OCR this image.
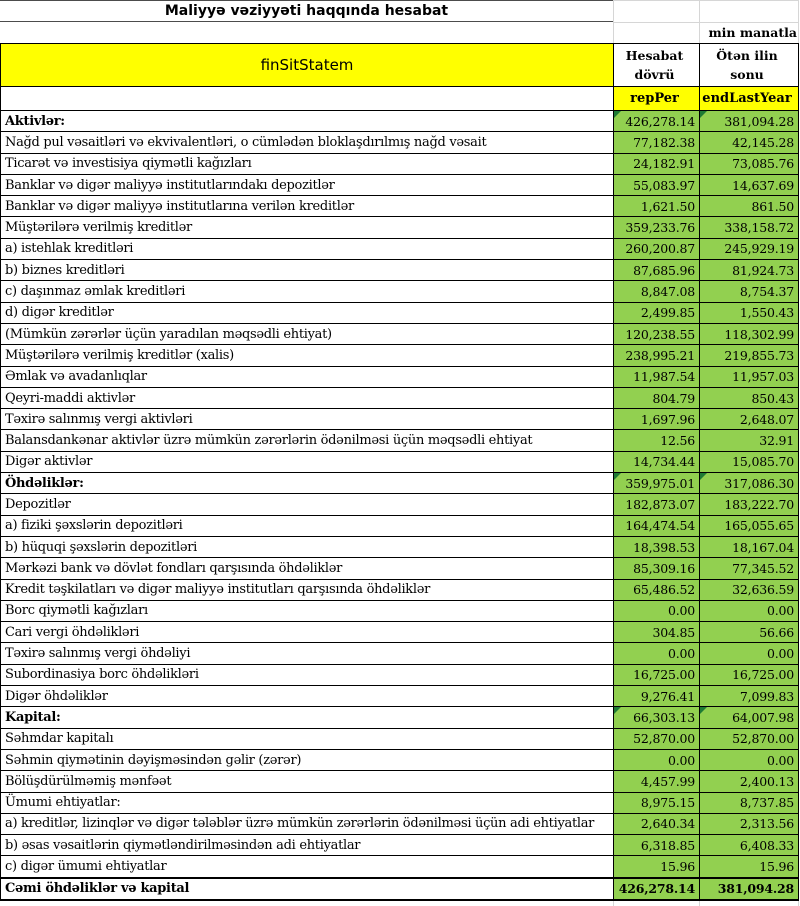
Maliyyə vəziyyəti haqqında hesabat
min manatla
finSitStatem
Hesabat dövrü
Ötən ilin sonu
repPer endLastYear
Aktivlər:	426,278.14 381,094.28
Nağd pul vəsaitləri və ekvivalentləri, o cümlədən bloklaşdırılmış nağd vəsait	77,182.38	42,145.28
Ticarət və investisiya qiymətli kağızları	24,182.91	73,085.76
Banklar və digər maliyyə institutlarındakı depozitlər	55,083.97	14,637.69
Banklar və digər maliyyə institutlarına verilən kreditlər	1,621.50	861.50
Müştərilərə verilmiş kreditlər	359,233.76 338,158.72
a) istehlak kreditləri	260,200.87 245,929.19
b) biznes kreditləri	87,685.96	81,924.73
c) daşınmaz əmlak kreditləri	8,847.08	8,754.37
d) digər kreditlər	2,499.85	1,550.43
(Mümkün zərərlər üçün yaradılan məqsədli ehtiyat)	120,238.55 118,302.99
Müştərilərə verilmiş kreditlər (xalis)	238,995.21 219,855.73
Əmlak və avadanlıqlar	11,987.54	11,957.03
Qeyri-maddi aktivlər	804.79	850.43
Təxirə salınmış vergi aktivləri	1,697.96	2,648.07
Balansdankənar aktivlər üzrə mümkün zərərlərin ödənilməsi üçün məqsədli ehtiyat	12.56	32.91
Digər aktivlər	14,734.44	15,085.70
Öhdəliklər:	359,975.01 317,086.30
Depozitlər	182,873.07 183,222.70
a) fiziki şəxslərin depozitləri	164,474.54 165,055.65
b) hüquqi şəxslərin depozitləri	18,398.53	18,167.04
Mərkəzi bank və dövlət fondları qarşısında öhdəliklər	85,309.16	77,345.52
Kredit təşkilatları və digər maliyyə institutları qarşısında öhdəliklər	65,486.52	32,636.59
Borc qiymətli kağızları	0.00	0.00
Cari vergi öhdəlikləri	304.85	56.66
Təxirə salınmış vergi öhdəliyi	0.00	0.00
Subordinasiya borc öhdəlikləri	16,725.00	16,725.00
Digər öhdəliklər	9,276.41	7,099.83
Kapital:	66,303.13	64,007.98
Səhmdar kapitalı	52,870.00	52,870.00
Səhmin qiymətinin dəyişməsindən gəlir (zərər)	0.00	0.00
Bölüşdürülməmiş mənfəət	4,457.99	2,400.13
Ümumi ehtiyatlar:	8,975.15	8,737.85
a) kreditlər, lizinqlər və digər tələblər üzrə mümkün zərərlərin ödənilməsi üçün adi ehtiyatlar	2,640.34	2,313.56
b) əsas vəsaitlərin qiymətləndirilməsindən adi ehtiyatlar	6,318.85	6,408.33
c) digər ümumi ehtiyatlar	15.96	15.96
Cəmi öhdəliklər və kapital	426,278.14 381,094.28
